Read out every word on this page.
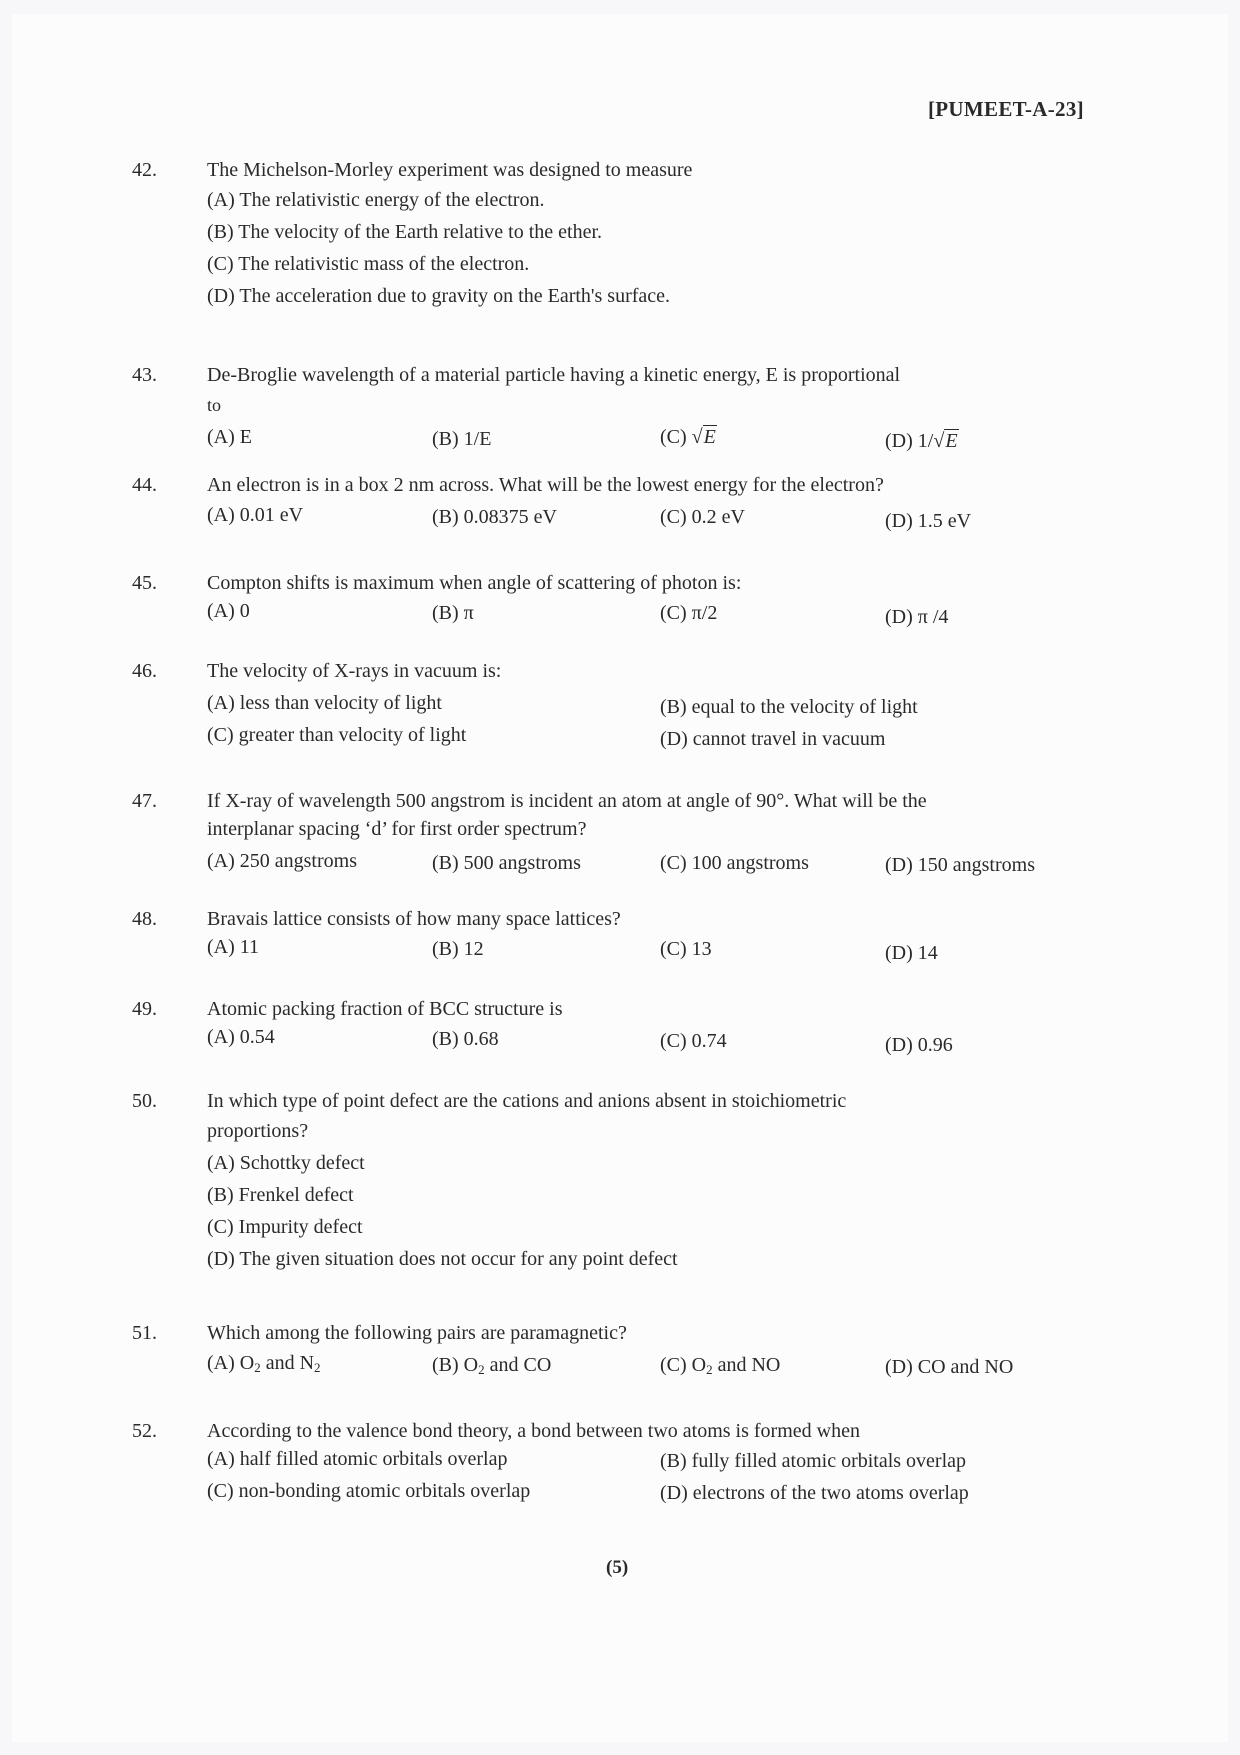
[PUMEET-A-23]
42.	The Michelson-Morley experiment was designed to measure
(A) The relativistic energy of the electron.
(B) The velocity of the Earth relative to the ether.
(C) The relativistic mass of the electron.
(D) The acceleration due to gravity on the Earth's surface.
43.	De-Broglie wavelength of a material particle having a kinetic energy, E is proportional
to
(A) E	(B) 1/E	(C) √E	(D) 1/√E
44.	An electron is in a box 2 nm across. What will be the lowest energy for the electron?
(A) 0.01 eV	(B) 0.08375 eV	(C) 0.2 eV	(D) 1.5 eV
45.	Compton shifts is maximum when angle of scattering of photon is:
(A) 0	(B) π	(C) π/2	(D) π /4
46.	The velocity of X-rays in vacuum is:
(A) less than velocity of light	(B) equal to the velocity of light
(C) greater than velocity of light	(D) cannot travel in vacuum
47.	If X-ray of wavelength 500 angstrom is incident an atom at angle of 90°. What will be the
interplanar spacing ‘d’ for first order spectrum?
(A) 250 angstroms	(B) 500 angstroms	(C) 100 angstroms	(D) 150 angstroms
48.	Bravais lattice consists of how many space lattices?
(A) 11	(B) 12	(C) 13	(D) 14
49.	Atomic packing fraction of BCC structure is
(A) 0.54	(B) 0.68	(C) 0.74	(D) 0.96
50.	In which type of point defect are the cations and anions absent in stoichiometric
proportions?
(A) Schottky defect
(B) Frenkel defect
(C) Impurity defect
(D) The given situation does not occur for any point defect
51.	Which among the following pairs are paramagnetic?
(A) $O_2$ and $N_2$	(B) $O_2$ and CO	(C) $O_2$ and NO	(D) CO and NO
52.	According to the valence bond theory, a bond between two atoms is formed when
(A) half filled atomic orbitals overlap	(B) fully filled atomic orbitals overlap
(C) non-bonding atomic orbitals overlap	(D) electrons of the two atoms overlap
(5)
